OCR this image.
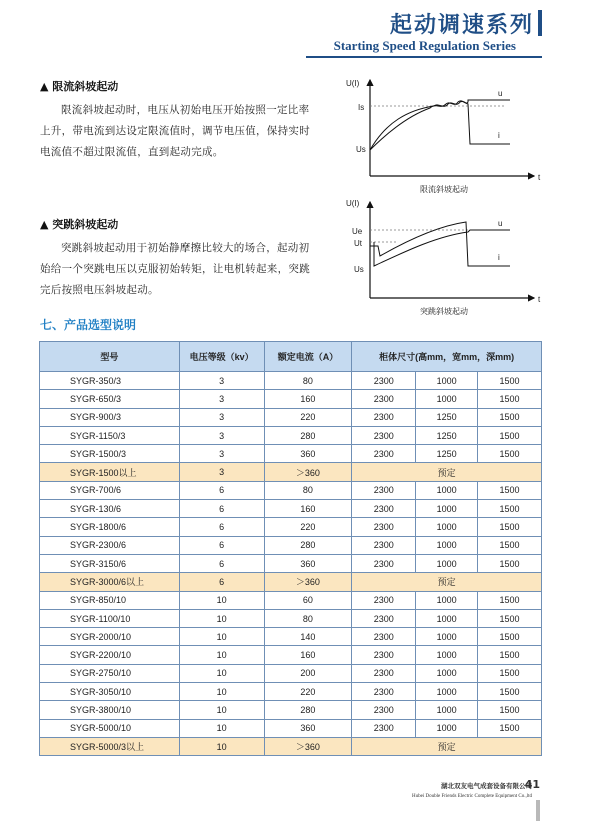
起动调速系列
Starting Speed Regulation Series
▲ 限流斜坡起动

限流斜坡起动时，电压从初始电压开始按照一定比率上升，带电流到达设定限流值时，调节电压值，保持实时电流值不超过限流值，直到起动完成。

▲ 突跳斜坡起动

突跳斜坡起动用于初始静摩擦比较大的场合，起动初始给一个突跳电压以克服初始转矩，让电机转起来，突跳完后按照电压斜坡起动。

U(I)
t
Is
Us
u
i
限流斜坡起动
U(I)
t
Ue
Ut
Us
u
i
突跳斜坡起动
七、产品选型说明
型号	电压等级（kv）	额定电流（A）	柜体尺寸(高mm，宽mm，深mm)		
SYGR-350/3	3	80	2300	1000	1500
SYGR-650/3	3	160	2300	1000	1500
SYGR-900/3	3	220	2300	1250	1500
SYGR-1150/3	3	280	2300	1250	1500
SYGR-1500/3	3	360	2300	1250	1500
SYGR-1500以上	3	＞360	预定		
SYGR-700/6	6	80	2300	1000	1500
SYGR-130/6	6	160	2300	1000	1500
SYGR-1800/6	6	220	2300	1000	1500
SYGR-2300/6	6	280	2300	1000	1500
SYGR-3150/6	6	360	2300	1000	1500
SYGR-3000/6以上	6	＞360	预定		
SYGR-850/10	10	60	2300	1000	1500
SYGR-1100/10	10	80	2300	1000	1500
SYGR-2000/10	10	140	2300	1000	1500
SYGR-2200/10	10	160	2300	1000	1500
SYGR-2750/10	10	200	2300	1000	1500
SYGR-3050/10	10	220	2300	1000	1500
SYGR-3800/10	10	280	2300	1000	1500
SYGR-5000/10	10	360	2300	1000	1500
SYGR-5000/3以上	10	＞360	预定		
湖北双友电气成套设备有限公司
41
Hubei Double Friends Electric Complete Equipment Co.,ltd
